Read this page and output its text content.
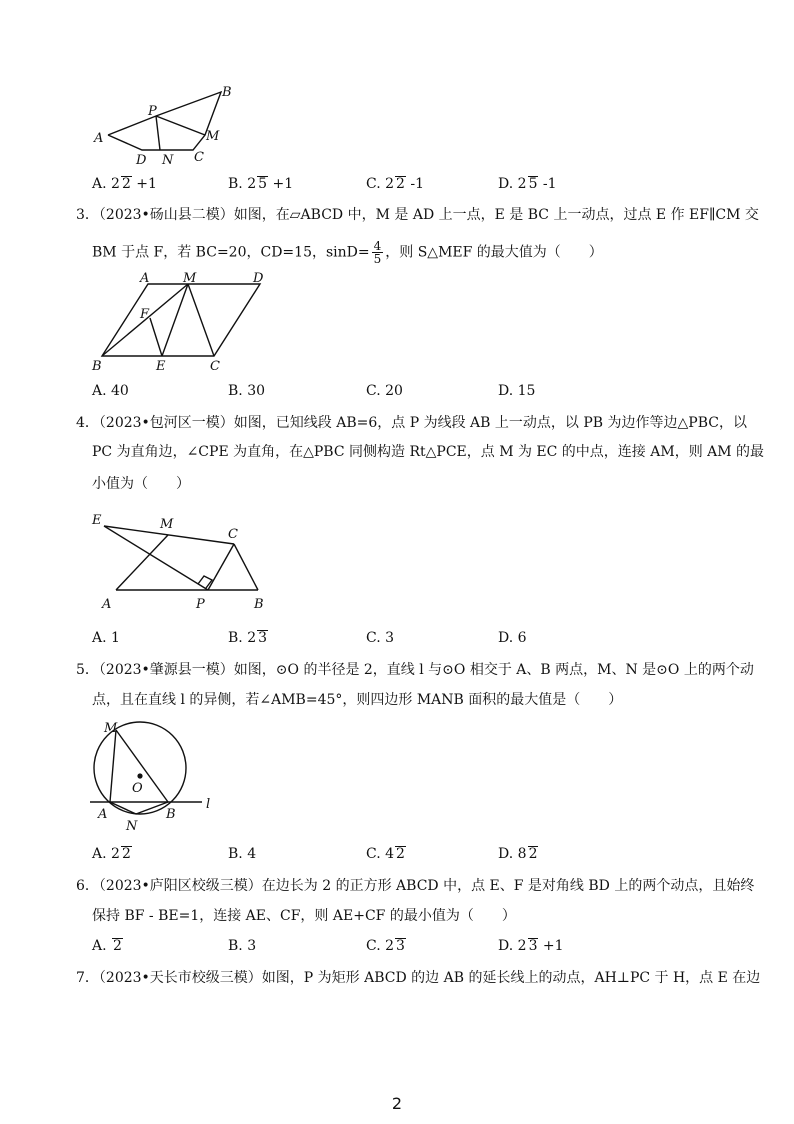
A
B
P
M
D N C
A. 2 2 +1	B. 2 5 +1	C. 2 2 -1	D. 2 5 -1
3．（2023•砀山县二模）如图，在▱ABCD 中，M 是 AD 上一点，E 是 BC 上一动点，过点 E 作 EF∥CM 交
BM 于点 F，若 BC=20，CD=15，$\sin D= \frac{4}{5}$ ，则 S△MEF 的最大值为（　　）
A	M	D
F
B	E	C
A. 40	B. 30	C. 20	D. 15
4．（2023•包河区一模）如图，已知线段 AB=6，点 P 为线段 AB 上一动点，以 PB 为边作等边△PBC，以
PC 为直角边，∠CPE 为直角，在△PBC 同侧构造 Rt△PCE，点 M 为 EC 的中点，连接 AM，则 AM 的最
小值为（　　）
E	M
C
A	P	B
A. 1	B. 2 3	C. 3	D. 6
5．（2023•肇源县一模）如图，⊙O 的半径是 2，直线 l 与⊙O 相交于 A、B 两点，M、N 是⊙O 上的两个动
点，且在直线 l 的异侧，若∠AMB=45°，则四边形 MANB 面积的最大值是（　　）
M
O
A
N
B
l
A. 2 2	B. 4	C. 4 2	D. 8 2
6．（2023•庐阳区校级三模）在边长为 2 的正方形 ABCD 中，点 E、F 是对角线 BD 上的两个动点，且始终
保持 BF - BE=1，连接 AE、CF，则 AE+CF 的最小值为（　　）
A. 2	B. 3	C. 2 3	D. 2 3 +1
7．（2023•天长市校级三模）如图，P 为矩形 ABCD 的边 AB 的延长线上的动点，AH⊥PC 于 H，点 E 在边
2
